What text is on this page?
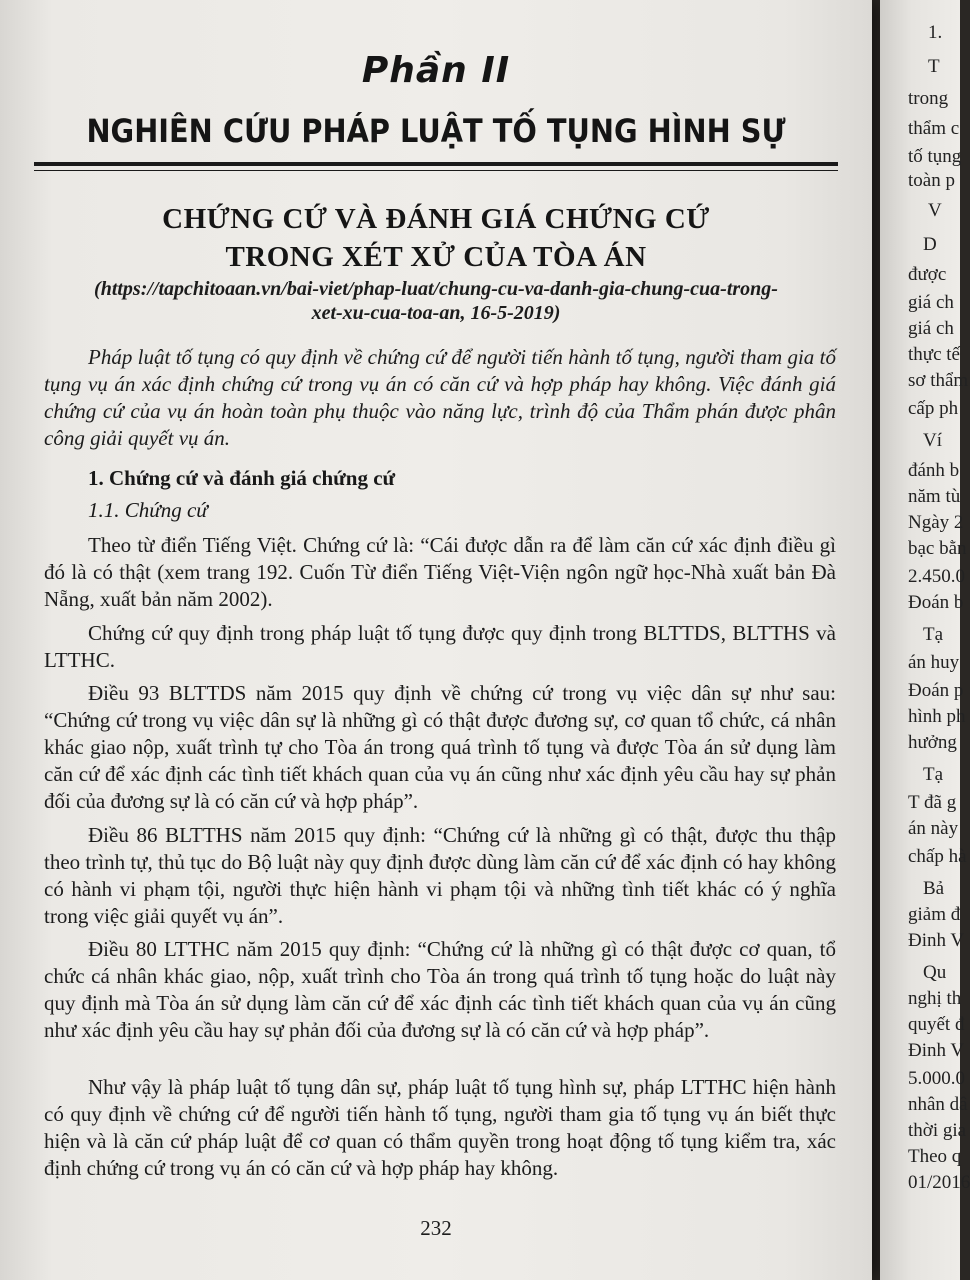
Phần II
NGHIÊN CỨU PHÁP LUẬT TỐ TỤNG HÌNH SỰ
CHỨNG CỨ VÀ ĐÁNH GIÁ CHỨNG CỨ
TRONG XÉT XỬ CỦA TÒA ÁN
(https://tapchitoaan.vn/bai-viet/phap-luat/chung-cu-va-danh-gia-chung-cua-trong-
xet-xu-cua-toa-an, 16-5-2019)

Pháp luật tố tụng có quy định về chứng cứ để người tiến hành tố tụng, người tham gia tố tụng vụ án xác định chứng cứ trong vụ án có căn cứ và hợp pháp hay không. Việc đánh giá chứng cứ của vụ án hoàn toàn phụ thuộc vào năng lực, trình độ của Thẩm phán được phân công giải quyết vụ án.

1. Chứng cứ và đánh giá chứng cứ
1.1. Chứng cứ

Theo từ điển Tiếng Việt. Chứng cứ là: “Cái được dẫn ra để làm căn cứ xác định điều gì đó là có thật (xem trang 192. Cuốn Từ điển Tiếng Việt-Viện ngôn ngữ học-Nhà xuất bản Đà Nẵng, xuất bản năm 2002).

Chứng cứ quy định trong pháp luật tố tụng được quy định trong BLTTDS, BLTTHS và LTTHC.

Điều 93 BLTTDS năm 2015 quy định về chứng cứ trong vụ việc dân sự như sau: “Chứng cứ trong vụ việc dân sự là những gì có thật được đương sự, cơ quan tổ chức, cá nhân khác giao nộp, xuất trình tự cho Tòa án trong quá trình tố tụng và được Tòa án sử dụng làm căn cứ để xác định các tình tiết khách quan của vụ án cũng như xác định yêu cầu hay sự phản đối của đương sự là có căn cứ và hợp pháp”.

Điều 86 BLTTHS năm 2015 quy định: “Chứng cứ là những gì có thật, được thu thập theo trình tự, thủ tục do Bộ luật này quy định được dùng làm căn cứ để xác định có hay không có hành vi phạm tội, người thực hiện hành vi phạm tội và những tình tiết khác có ý nghĩa trong việc giải quyết vụ án”.

Điều 80 LTTHC năm 2015 quy định: “Chứng cứ là những gì có thật được cơ quan, tổ chức cá nhân khác giao, nộp, xuất trình cho Tòa án trong quá trình tố tụng hoặc do luật này quy định mà Tòa án sử dụng làm căn cứ để xác định các tình tiết khách quan của vụ án cũng như xác định yêu cầu hay sự phản đối của đương sự là có căn cứ và hợp pháp”.

Như vậy là pháp luật tố tụng dân sự, pháp luật tố tụng hình sự, pháp LTTHC hiện hành có quy định về chứng cứ để người tiến hành tố tụng, người tham gia tố tụng vụ án biết thực hiện và là căn cứ pháp luật để cơ quan có thẩm quyền trong hoạt động tố tụng kiểm tra, xác định chứng cứ trong vụ án có căn cứ và hợp pháp hay không.

232
1.
T
trong
thẩm c
tố tụng
toàn p
V
D
được
giá ch
giá ch
thực tế
sơ thẩm
cấp ph
Ví
đánh b
năm tù
Ngày 2
bạc bằn
2.450.0
Đoán b
Tạ
án huy
Đoán p
hình ph
hưởng
Tạ
T đã g
án này
chấp hà
Bả
giảm đ
Đinh V
Qu
nghị th
quyết đ
Đinh V
5.000.0
nhân dâ
thời gia
Theo q
01/2016
